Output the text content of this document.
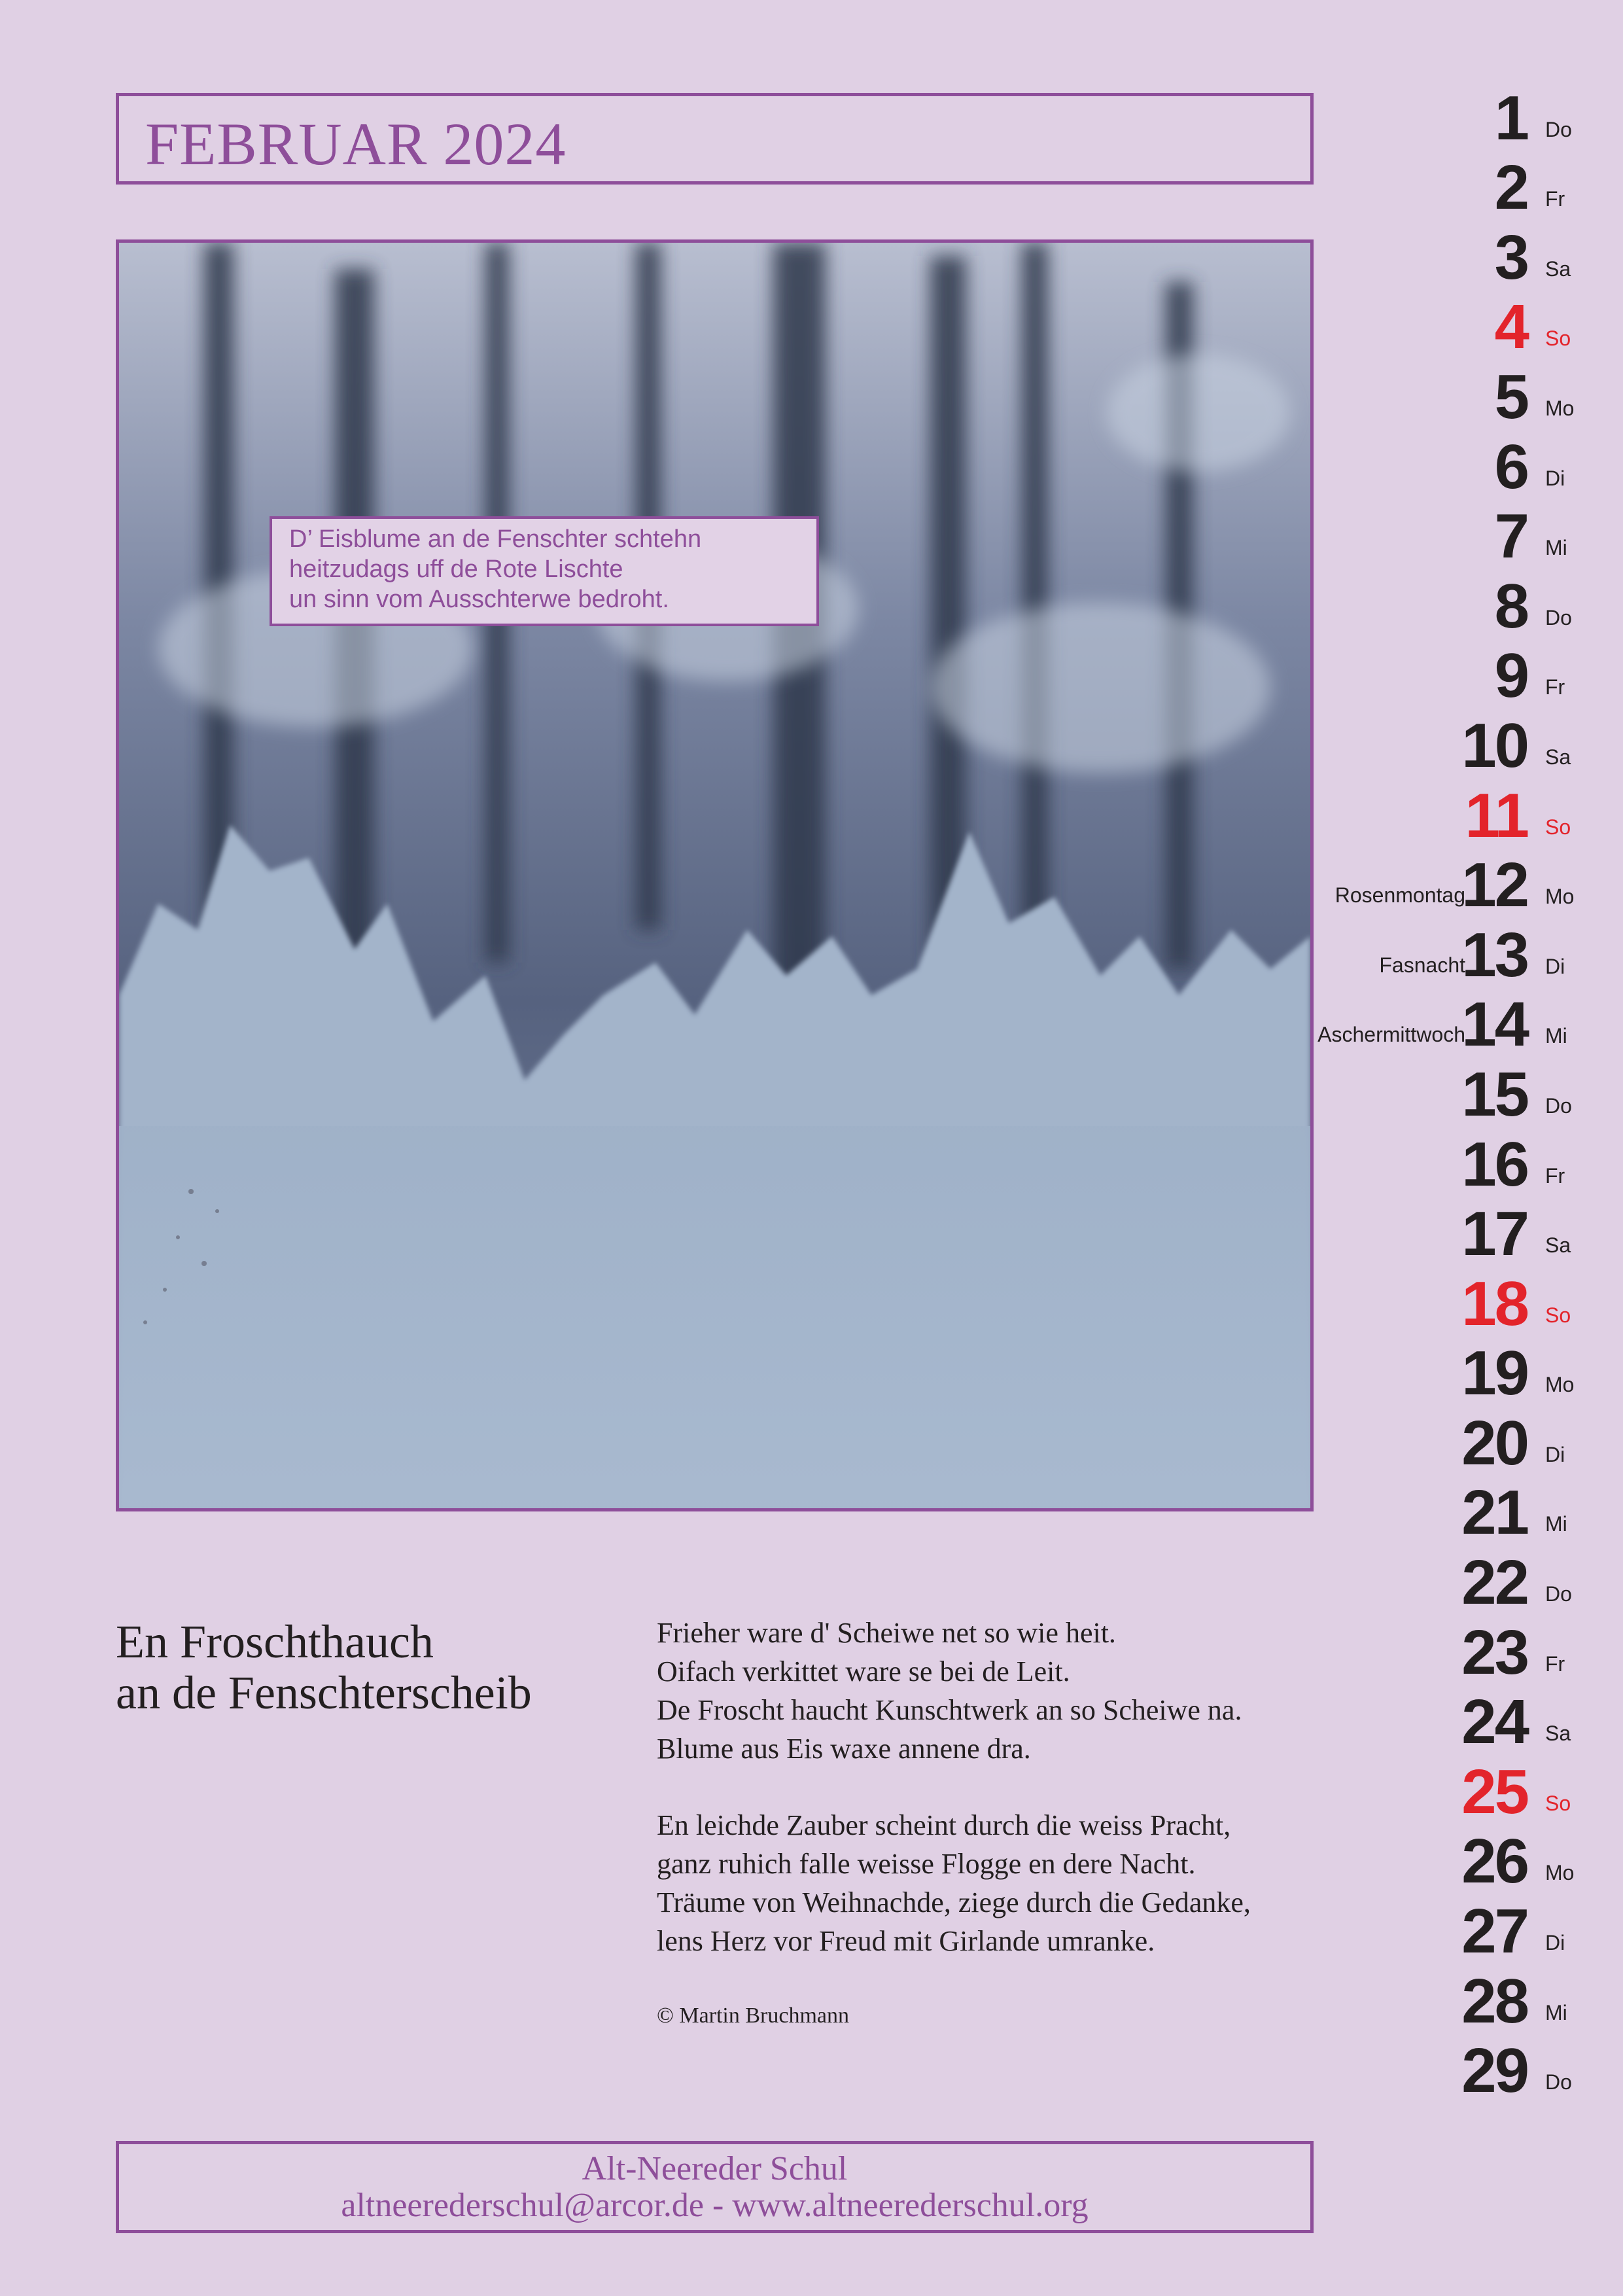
FEBRUAR 2024
D’ Eisblume an de Fenschter schtehn
heitzudags uff de Rote Lischte
un sinn vom Ausschterwe bedroht.
En Froschthauch
an de Fenschterscheib
Frieher ware d' Scheiwe net so wie heit.
Oifach verkittet ware se bei de Leit.
De Froscht haucht Kunschtwerk an so Scheiwe na.
Blume aus Eis waxe annene dra.
En leichde Zauber scheint durch die weiss Pracht,
ganz ruhich falle weisse Flogge en dere Nacht.
Träume von Weihnachde, ziege durch die Gedanke,
lens Herz vor Freud mit Girlande umranke.
© Martin Bruchmann
Alt-Neereder Schul
altneerederschul@arcor.de - www.altneerederschul.org
1 Do
2 Fr
3 Sa
4 So
5 Mo
6 Di
7 Mi
8 Do
9 Fr
10 Sa
11 So
Rosenmontag
12 Mo
Fasnacht
13 Di
Aschermittwoch
14 Mi
15 Do
16 Fr
17 Sa
18 So
19 Mo
20 Di
21 Mi
22 Do
23 Fr
24 Sa
25 So
26 Mo
27 Di
28 Mi
29 Do
